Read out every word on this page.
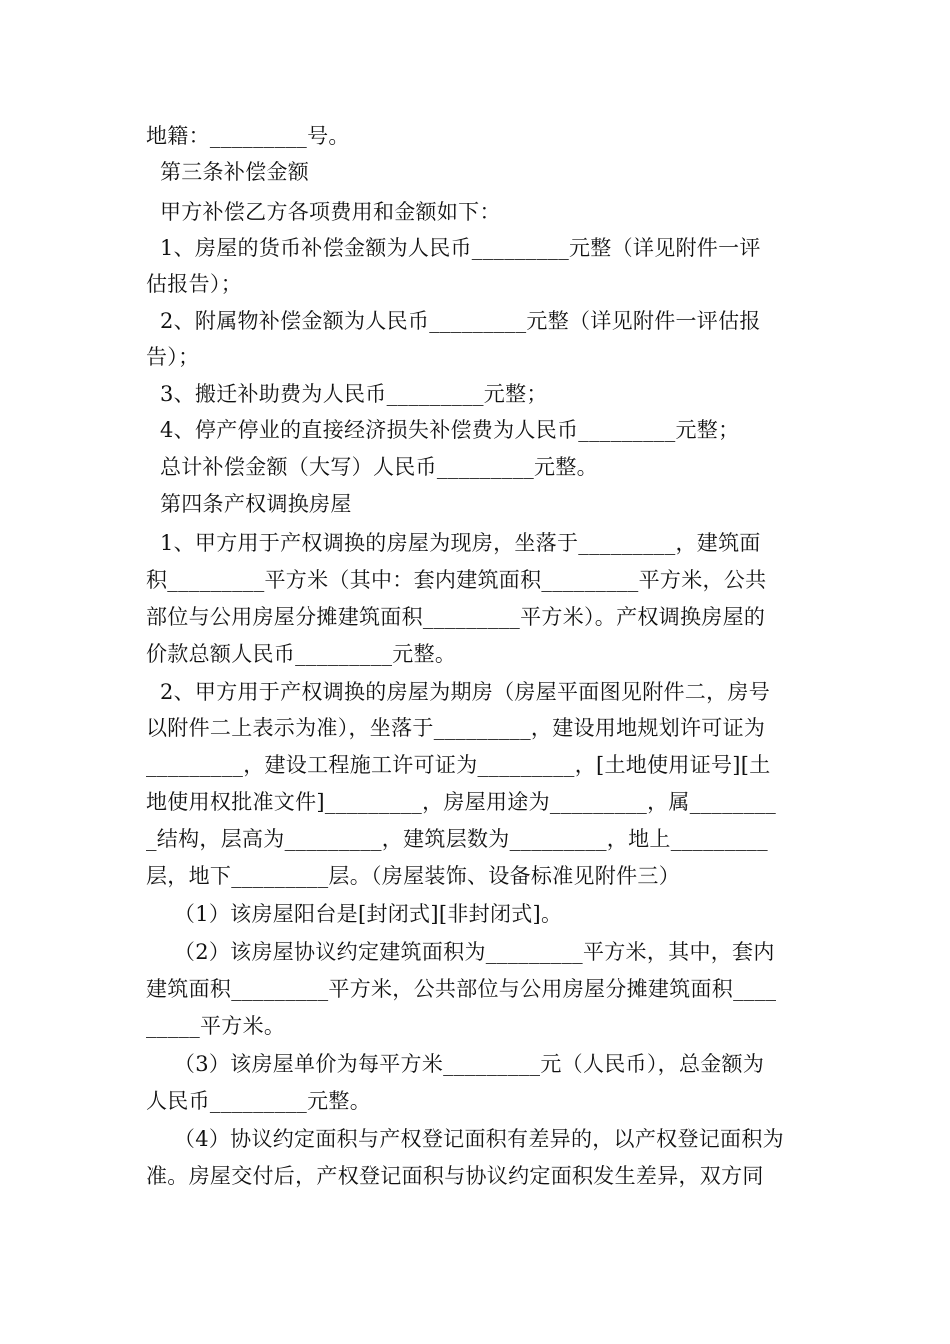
地籍：_________号。
第三条补偿金额
甲方补偿乙方各项费用和金额如下：
1、房屋的货币补偿金额为人民币_________元整（详见附件一评
估报告）；
2、附属物补偿金额为人民币_________元整（详见附件一评估报
告）；
3、搬迁补助费为人民币_________元整；
4、停产停业的直接经济损失补偿费为人民币_________元整；
总计补偿金额（大写）人民币_________元整。
第四条产权调换房屋
1、甲方用于产权调换的房屋为现房，坐落于_________，建筑面
积_________平方米（其中：套内建筑面积_________平方米，公共
部位与公用房屋分摊建筑面积_________平方米）。产权调换房屋的
价款总额人民币_________元整。
2、甲方用于产权调换的房屋为期房（房屋平面图见附件二，房号
以附件二上表示为准），坐落于_________，建设用地规划许可证为
_________，建设工程施工许可证为_________，[土地使用证号][土
地使用权批准文件]_________，房屋用途为_________，属________
_结构，层高为_________，建筑层数为_________，地上_________
层，地下_________层。（房屋装饰、设备标准见附件三）
（1）该房屋阳台是[封闭式][非封闭式]。
（2）该房屋协议约定建筑面积为_________平方米，其中，套内
建筑面积_________平方米，公共部位与公用房屋分摊建筑面积____
_____平方米。
（3）该房屋单价为每平方米_________元（人民币），总金额为
人民币_________元整。
（4）协议约定面积与产权登记面积有差异的，以产权登记面积为
准。房屋交付后，产权登记面积与协议约定面积发生差异，双方同
